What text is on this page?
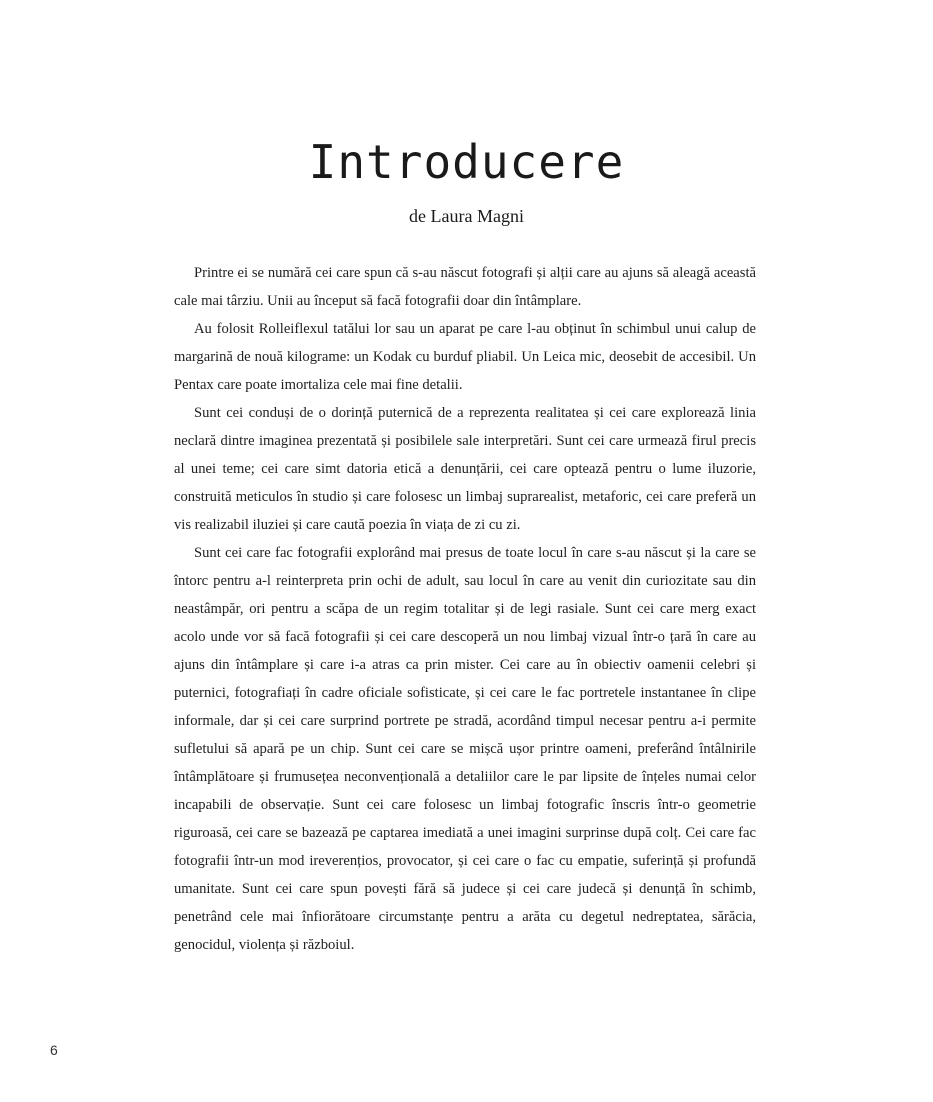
Introducere
de Laura Magni

Printre ei se numără cei care spun că s-au născut fotografi și alții care au ajuns să aleagă această cale mai târziu. Unii au început să facă fotografii doar din întâmplare.

Au folosit Rolleiflexul tatălui lor sau un aparat pe care l-au obținut în schimbul unui calup de margarină de nouă kilograme: un Kodak cu burduf pliabil. Un Leica mic, deosebit de accesibil. Un Pentax care poate imortaliza cele mai fine detalii.

Sunt cei conduși de o dorință puternică de a reprezenta realitatea și cei care explorează linia neclară dintre imaginea prezentată și posibilele sale interpretări. Sunt cei care urmează firul precis al unei teme; cei care simt datoria etică a denunțării, cei care optează pentru o lume iluzorie, construită meticulos în studio și care folosesc un limbaj suprarealist, metaforic, cei care preferă un vis realizabil iluziei și care caută poezia în viața de zi cu zi.

Sunt cei care fac fotografii explorând mai presus de toate locul în care s-au născut și la care se întorc pentru a-l reinterpreta prin ochi de adult, sau locul în care au venit din curiozitate sau din neastâmpăr, ori pentru a scăpa de un regim totalitar și de legi rasiale. Sunt cei care merg exact acolo unde vor să facă fotografii și cei care descoperă un nou limbaj vizual într-o țară în care au ajuns din întâmplare și care i-a atras ca prin mister. Cei care au în obiectiv oamenii celebri și puternici, fotografiați în cadre oficiale sofisticate, și cei care le fac portretele instantanee în clipe informale, dar și cei care surprind portrete pe stradă, acordând timpul necesar pentru a-i permite sufletului să apară pe un chip. Sunt cei care se mișcă ușor printre oameni, preferând întâlnirile întâmplătoare și frumusețea neconvențională a detaliilor care le par lipsite de înțeles numai celor incapabili de observație. Sunt cei care folosesc un limbaj fotografic înscris într-o geometrie riguroasă, cei care se bazează pe captarea imediată a unei imagini surprinse după colț. Cei care fac fotografii într-un mod ireverențios, provocator, și cei care o fac cu empatie, suferință și profundă umanitate. Sunt cei care spun povești fără să judece și cei care judecă și denunță în schimb, penetrând cele mai înfiorătoare circumstanțe pentru a arăta cu degetul nedreptatea, sărăcia, genocidul, violența și războiul.

6
